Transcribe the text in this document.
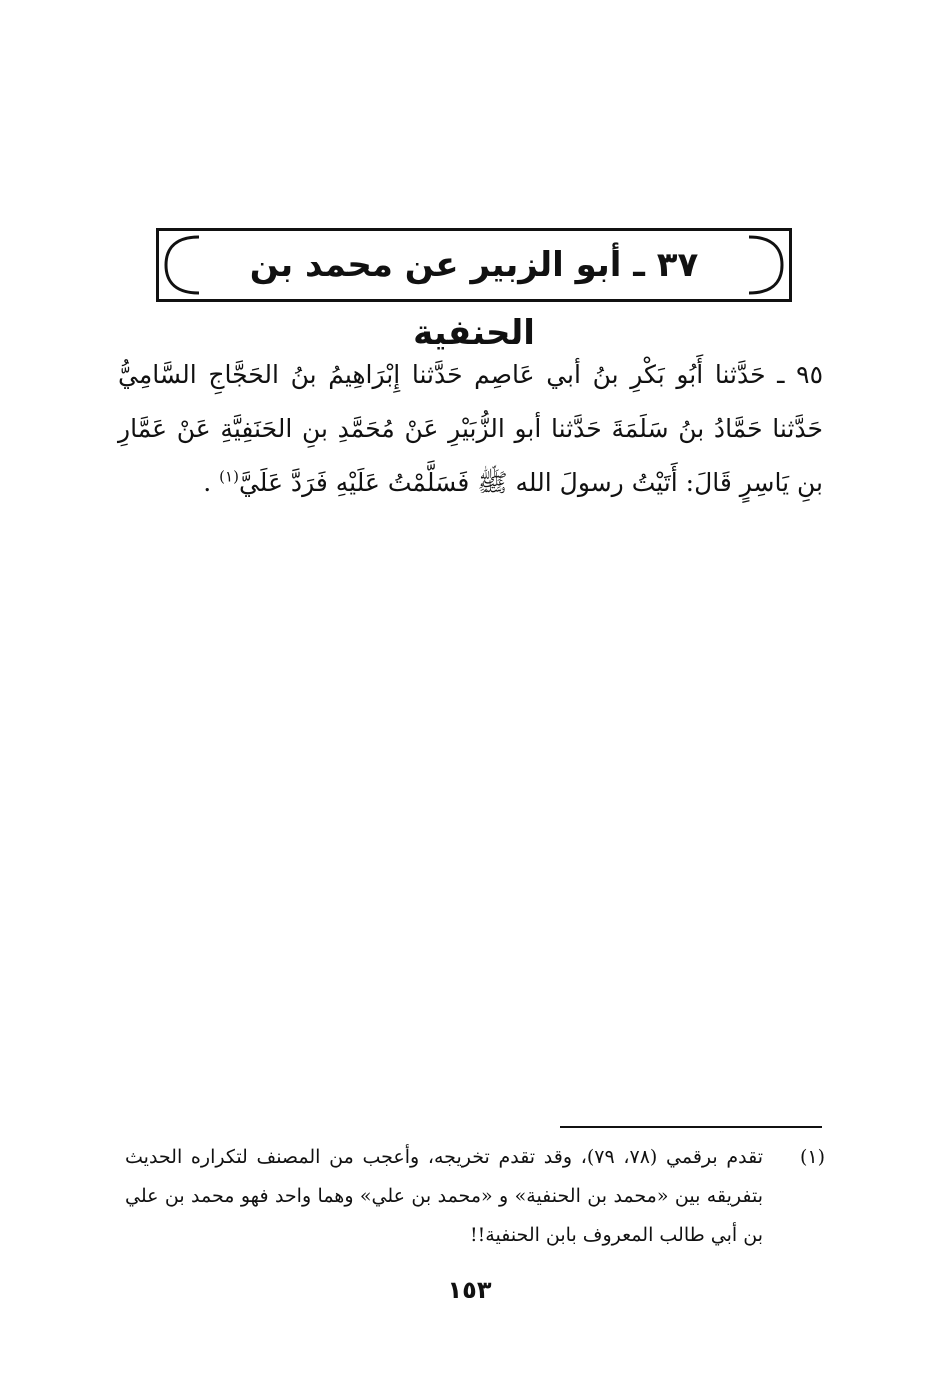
٣٧ ـ أبو الزبير عن محمد بن الحنفية

٩٥ ـ حَدَّثنا أَبُو بَكْرِ بنُ أبي عَاصِم حَدَّثنا إِبْرَاهِيمُ بنُ الحَجَّاجِ السَّامِيُّ حَدَّثنا حَمَّادُ بنُ سَلَمَةَ حَدَّثنا أبو الزُّبَيْرِ عَنْ مُحَمَّدِ بنِ الحَنَفِيَّةِ عَنْ عَمَّارِ بنِ يَاسِرٍ قَالَ: أَتَيْتُ رسولَ الله ﷺ فَسَلَّمْتُ عَلَيْهِ فَرَدَّ عَلَيَّ$^{(١)}$ .

(١)

تقدم برقمي (٧٨، ٧٩)، وقد تقدم تخريجه، وأعجب من المصنف لتكراره الحديث بتفريقه بين «محمد بن الحنفية» و «محمد بن علي» وهما واحد فهو محمد بن علي بن أبي طالب المعروف بابن الحنفية!!

١٥٣
